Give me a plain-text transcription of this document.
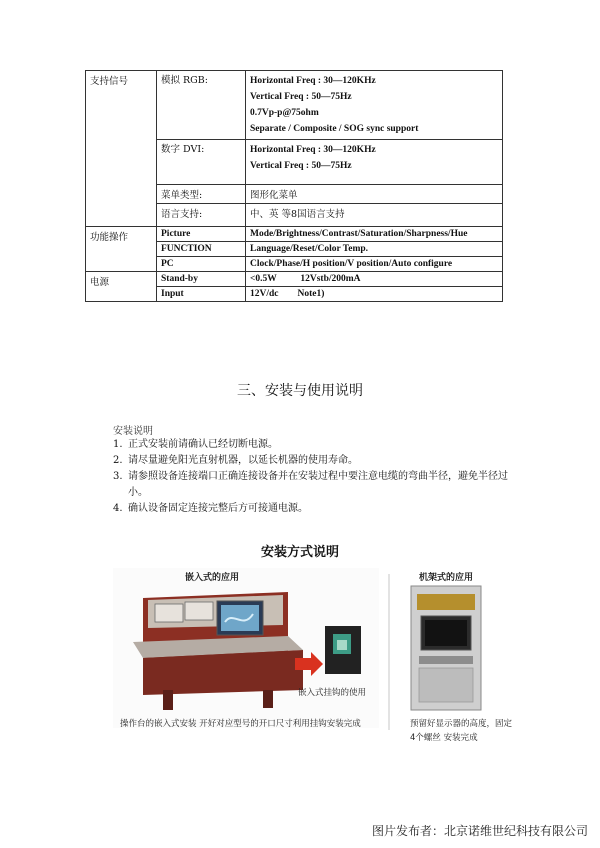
支持信号	模拟 RGB:	Horizontal Freq : 30—120KHz
Vertical Freq : 50—75Hz
0.7Vp-p@75ohm
Separate / Composite / SOG sync support

	数字 DVI:	Horizontal Freq : 30—120KHz
Vertical Freq : 50—75Hz

	菜单类型:	图形化菜单
	语言支持:	中、英 等8国语言支持
功能操作	Picture	Mode/Brightness/Contrast/Saturation/Sharpness/Hue
	FUNCTION	Language/Reset/Color Temp.
	PC	Clock/Phase/H position/V position/Auto configure
电源	Stand-by	<0.5W          12Vstb/200mA
	Input	12V/dc        Note1)
三、安装与使用说明
安装说明
1. 正式安装前请确认已经切断电源。
2. 请尽量避免阳光直射机器，以延长机器的使用寿命。
3. 请参照设备连接端口正确连接设备并在安装过程中要注意电缆的弯曲半径，避免半径过小。
4. 确认设备固定连接完整后方可接通电源。
安装方式说明
嵌入式的应用	机架式的应用
嵌入式挂钩的使用
操作台的嵌入式安装 开好对应型号的开口尺寸利用挂钩安装完成	预留好显示器的高度，固定
4个螺丝 安装完成
图片发布者：北京诺维世纪科技有限公司
